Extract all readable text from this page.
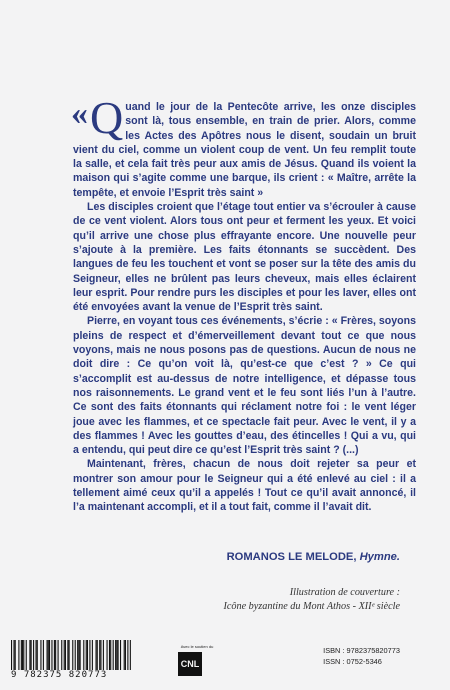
« Q uand le jour de la Pentecôte arrive, les onze disciples sont là, tous ensemble, en train de prier. Alors, comme les Actes des Apôtres nous le disent, soudain un bruit vient du ciel, comme un violent coup de vent. Un feu remplit toute la salle, et cela fait très peur aux amis de Jésus. Quand ils voient la maison qui s’agite comme une barque, ils crient : « Maître, arrête la tempête, et envoie l’Esprit très saint »

Les disciples croient que l’étage tout entier va s’écrouler à cause de ce vent violent. Alors tous ont peur et ferment les yeux. Et voici qu’il arrive une chose plus effrayante encore. Une nouvelle peur s’ajoute à la première. Les faits étonnants se succèdent. Des langues de feu les touchent et vont se poser sur la tête des amis du Seigneur, elles ne brûlent pas leurs cheveux, mais elles éclairent leur esprit. Pour rendre purs les disciples et pour les laver, elles ont été envoyées avant la venue de l’Esprit très saint.

Pierre, en voyant tous ces événements, s’écrie : « Frères, soyons pleins de respect et d’émerveillement devant tout ce que nous voyons, mais ne nous posons pas de questions. Aucun de nous ne doit dire : Ce qu’on voit là, qu’est-ce que c’est ? » Ce qui s’accomplit est au-dessus de notre intelligence, et dépasse tous nos raisonnements. Le grand vent et le feu sont liés l’un à l’autre. Ce sont des faits étonnants qui réclament notre foi : le vent léger joue avec les flammes, et ce spectacle fait peur. Avec le vent, il y a des flammes ! Avec les gouttes d’eau, des étincelles ! Qui a vu, qui a entendu, qui peut dire ce qu’est l’Esprit très saint ? (...)

Maintenant, frères, chacun de nous doit rejeter sa peur et montrer son amour pour le Seigneur qui a été enlevé au ciel : il a tellement aimé ceux qu’il a appelés ! Tout ce qu’il avait annoncé, il l’a maintenant accompli, et il a tout fait, comme il l’avait dit.

ROMANOS LE MELODE, Hymne.
Illustration de couverture :
Icône byzantine du Mont Athos - XIIᵉ siècle
9 782375 820773
Avec le soutien du
CNL
ISBN : 9782375820773
ISSN : 0752-5346
